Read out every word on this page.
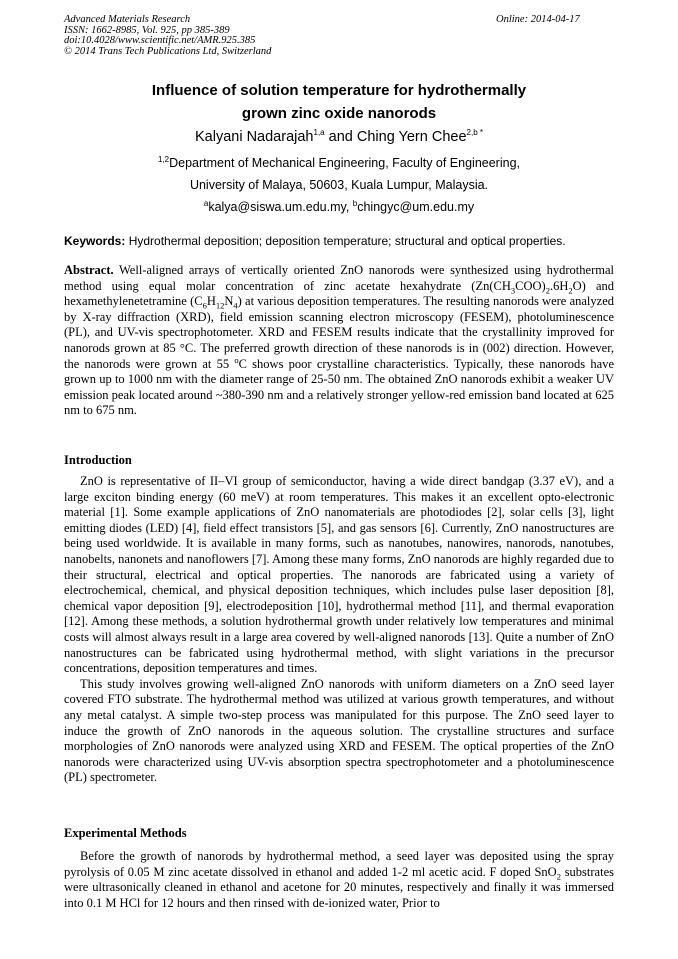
Advanced Materials Research
ISSN: 1662-8985, Vol. 925, pp 385-389
doi:10.4028/www.scientific.net/AMR.925.385
© 2014 Trans Tech Publications Ltd, Switzerland
Online: 2014-04-17
Influence of solution temperature for hydrothermally
grown zinc oxide nanorods
Kalyani Nadarajah$^{1,a}$ and Ching Yern Chee$^{2,b *}$
$^{1,2}$Department of Mechanical Engineering, Faculty of Engineering,
University of Malaya, 50603, Kuala Lumpur, Malaysia.
$^a$kalya@siswa.um.edu.my, $^b$chingyc@um.edu.my
Keywords: Hydrothermal deposition; deposition temperature; structural and optical properties.
Abstract. Well-aligned arrays of vertically oriented ZnO nanorods were synthesized using hydrothermal method using equal molar concentration of zinc acetate hexahydrate $(Zn(CH_3COO)_2.6H_2O)$ and hexamethylenetetramine $(C_6H_{12}N_4)$ at various deposition temperatures. The resulting nanorods were analyzed by X-ray diffraction (XRD), field emission scanning electron microscopy (FESEM), photoluminescence (PL), and UV-vis spectrophotometer. XRD and FESEM results indicate that the crystallinity improved for nanorods grown at 85 °C. The preferred growth direction of these nanorods is in (002) direction. However, the nanorods were grown at 55 $^o$C shows poor crystalline characteristics. Typically, these nanorods have grown up to 1000 nm with the diameter range of 25-50 nm. The obtained ZnO nanorods exhibit a weaker UV emission peak located around ~380-390 nm and a relatively stronger yellow-red emission band located at 625 nm to 675 nm.
Introduction

ZnO is representative of II–VI group of semiconductor, having a wide direct bandgap (3.37 eV), and a large exciton binding energy (60 meV) at room temperatures. This makes it an excellent opto-electronic material [1]. Some example applications of ZnO nanomaterials are photodiodes [2], solar cells [3], light emitting diodes (LED) [4], field effect transistors [5], and gas sensors [6]. Currently, ZnO nanostructures are being used worldwide. It is available in many forms, such as nanotubes, nanowires, nanorods, nanotubes, nanobelts, nanonets and nanoflowers [7]. Among these many forms, ZnO nanorods are highly regarded due to their structural, electrical and optical properties. The nanorods are fabricated using a variety of electrochemical, chemical, and physical deposition techniques, which includes pulse laser deposition [8], chemical vapor deposition [9], electrodeposition [10], hydrothermal method [11], and thermal evaporation [12]. Among these methods, a solution hydrothermal growth under relatively low temperatures and minimal costs will almost always result in a large area covered by well-aligned nanorods [13]. Quite a number of ZnO nanostructures can be fabricated using hydrothermal method, with slight variations in the precursor concentrations, deposition temperatures and times.

This study involves growing well-aligned ZnO nanorods with uniform diameters on a ZnO seed layer covered FTO substrate. The hydrothermal method was utilized at various growth temperatures, and without any metal catalyst. A simple two-step process was manipulated for this purpose. The ZnO seed layer to induce the growth of ZnO nanorods in the aqueous solution. The crystalline structures and surface morphologies of ZnO nanorods were analyzed using XRD and FESEM. The optical properties of the ZnO nanorods were characterized using UV-vis absorption spectra spectrophotometer and a photoluminescence (PL) spectrometer.

Experimental Methods

Before the growth of nanorods by hydrothermal method, a seed layer was deposited using the spray pyrolysis of 0.05 M zinc acetate dissolved in ethanol and added 1-2 ml acetic acid. F doped SnO$_2$ substrates were ultrasonically cleaned in ethanol and acetone for 20 minutes, respectively and finally it was immersed into 0.1 M HCl for 12 hours and then rinsed with de-ionized water, Prior to
